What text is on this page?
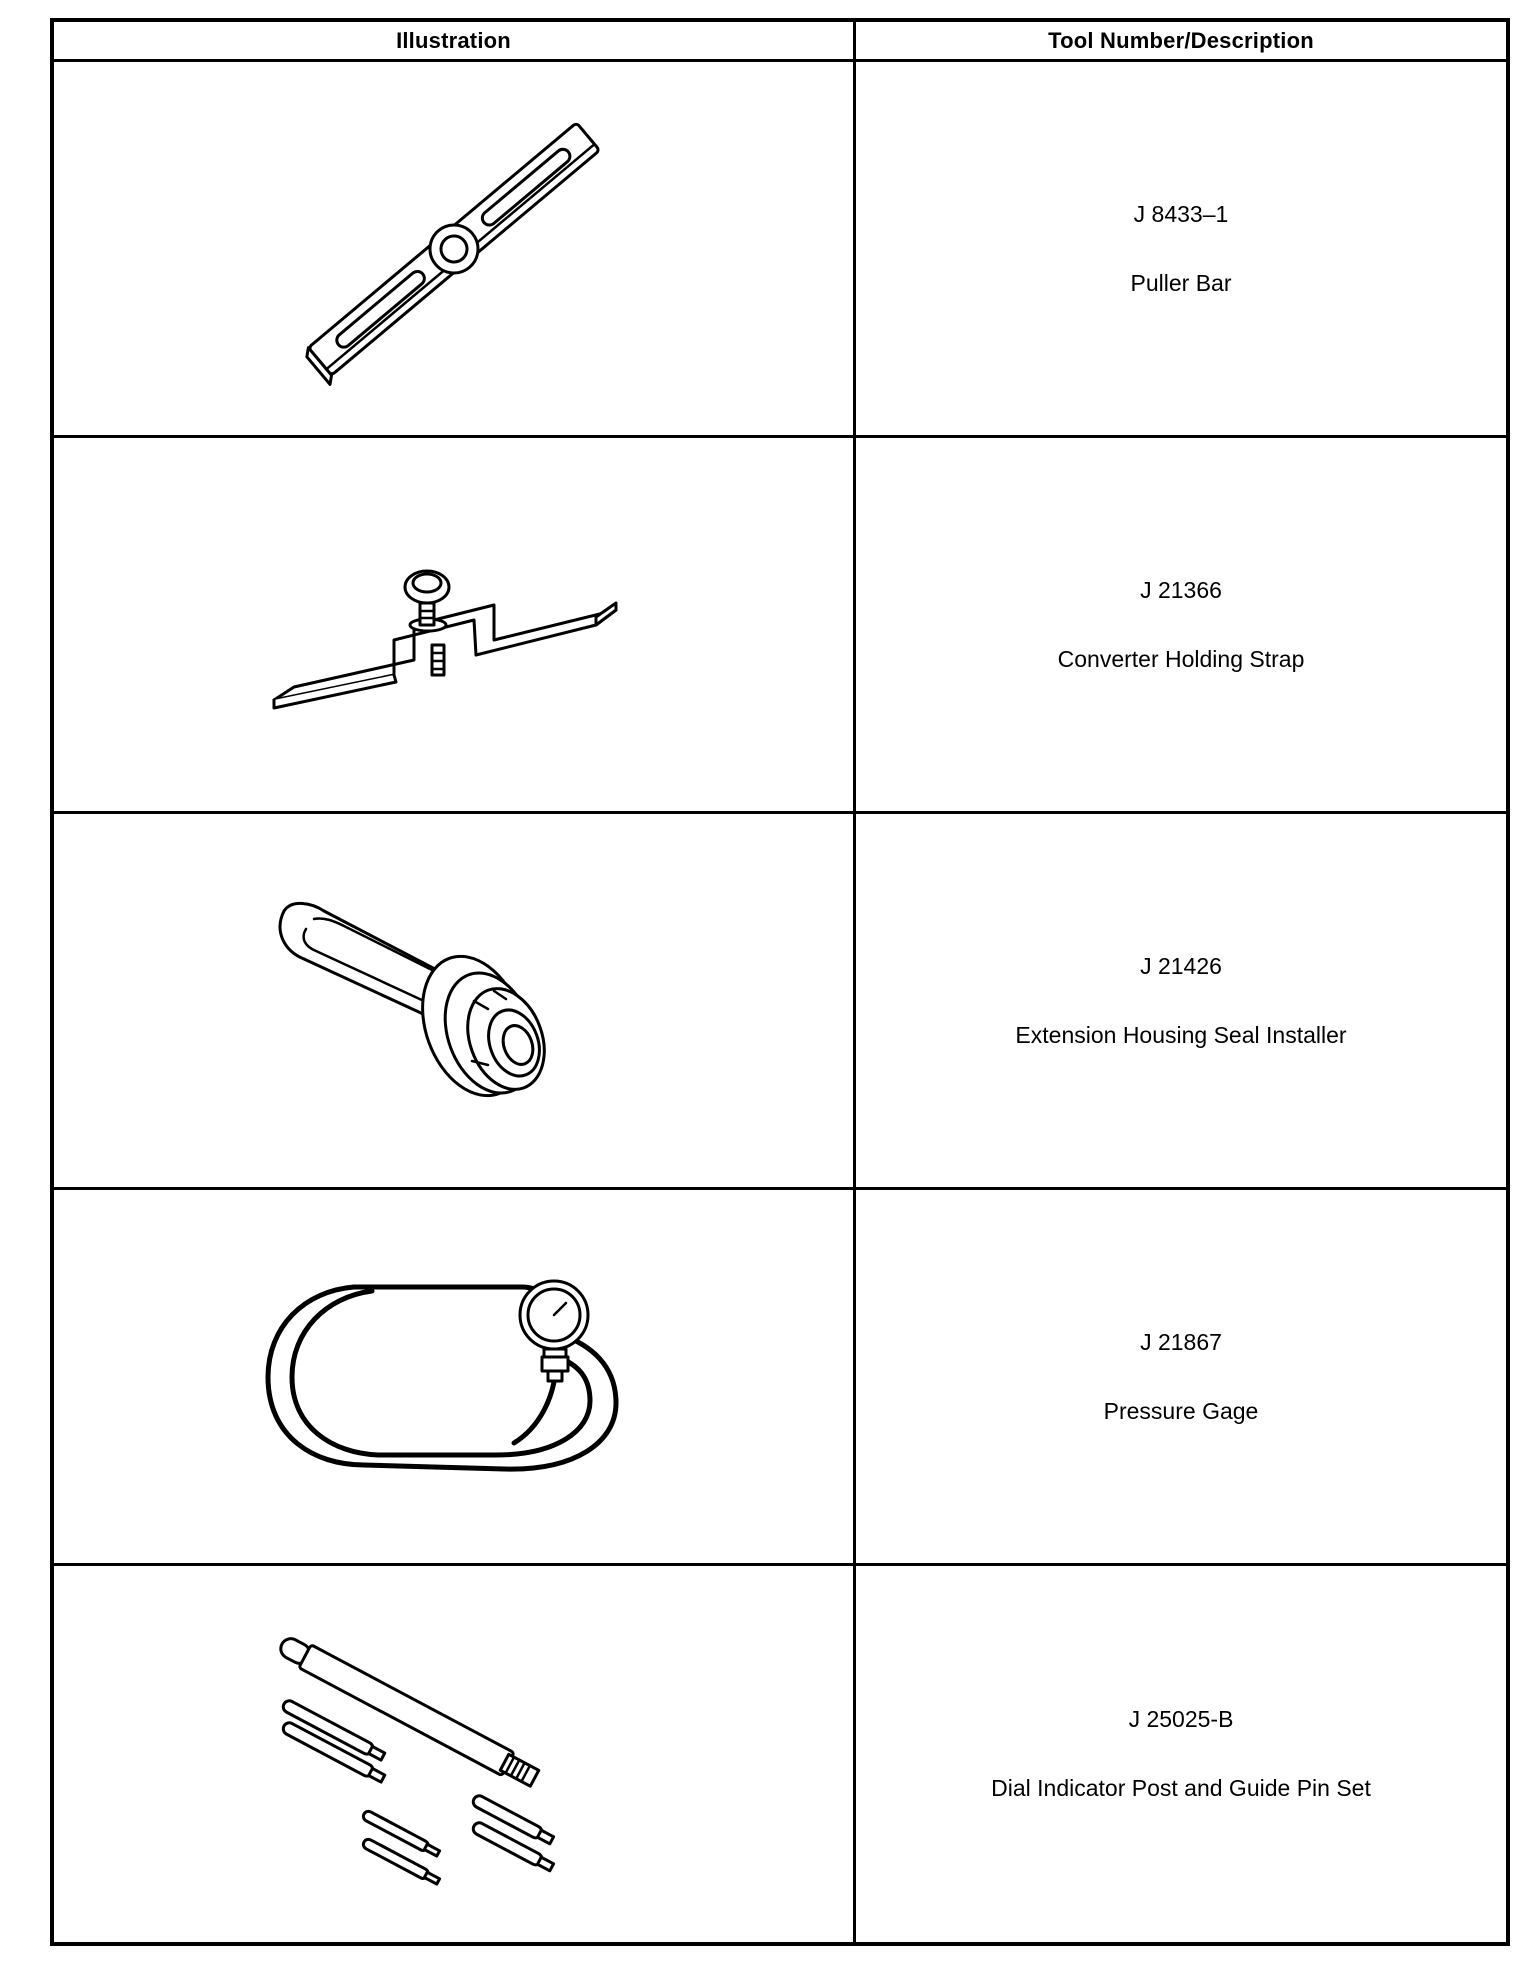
Illustration	Tool Number/Description
J 8433–1
Puller Bar
J 21366
Converter Holding Strap
J 21426
Extension Housing Seal Installer
J 21867
Pressure Gage
J 25025-B
Dial Indicator Post and Guide Pin Set
